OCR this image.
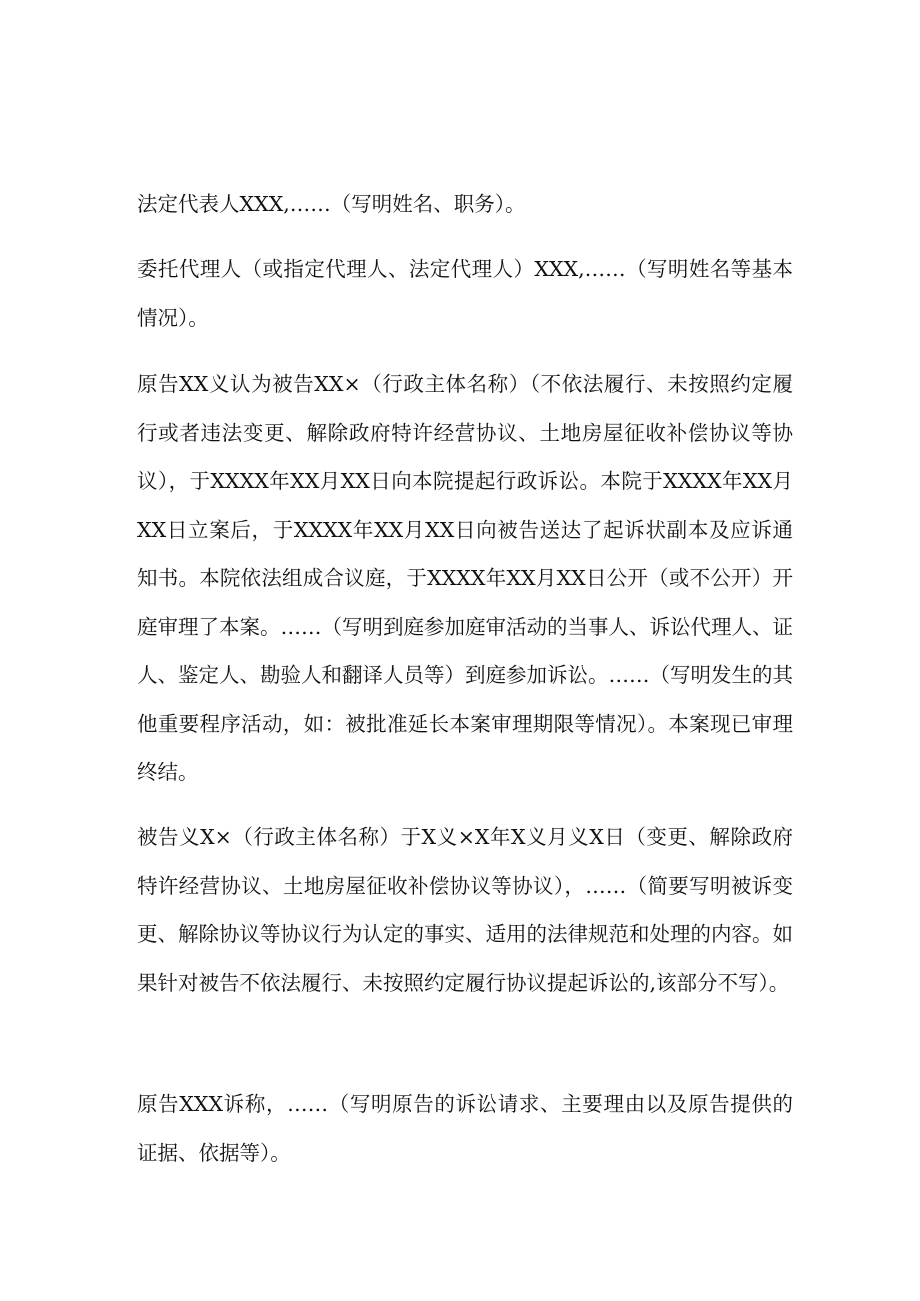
法定代表人XXX,……（写明姓名、职务）。

委托代理人（或指定代理人、法定代理人）XXX,……（写明姓名等基本情况）。

原告XX义认为被告XX×（行政主体名称）（不依法履行、未按照约定履行或者违法变更、解除政府特许经营协议、土地房屋征收补偿协议等协议），于XXXX年XX月XX日向本院提起行政诉讼。本院于XXXX年XX月XX日立案后，于XXXX年XX月XX日向被告送达了起诉状副本及应诉通知书。本院依法组成合议庭，于XXXX年XX月XX日公开（或不公开）开庭审理了本案。……（写明到庭参加庭审活动的当事人、诉讼代理人、证人、鉴定人、勘验人和翻译人员等）到庭参加诉讼。……（写明发生的其他重要程序活动，如：被批准延长本案审理期限等情况）。本案现已审理终结。

被告义X×（行政主体名称）于X义×X年X义月义X日（变更、解除政府特许经营协议、土地房屋征收补偿协议等协议），……（简要写明被诉变更、解除协议等协议行为认定的事实、适用的法律规范和处理的内容。如果针对被告不依法履行、未按照约定履行协议提起诉讼的,该部分不写）。

原告XXX诉称，……（写明原告的诉讼请求、主要理由以及原告提供的证据、依据等）。
